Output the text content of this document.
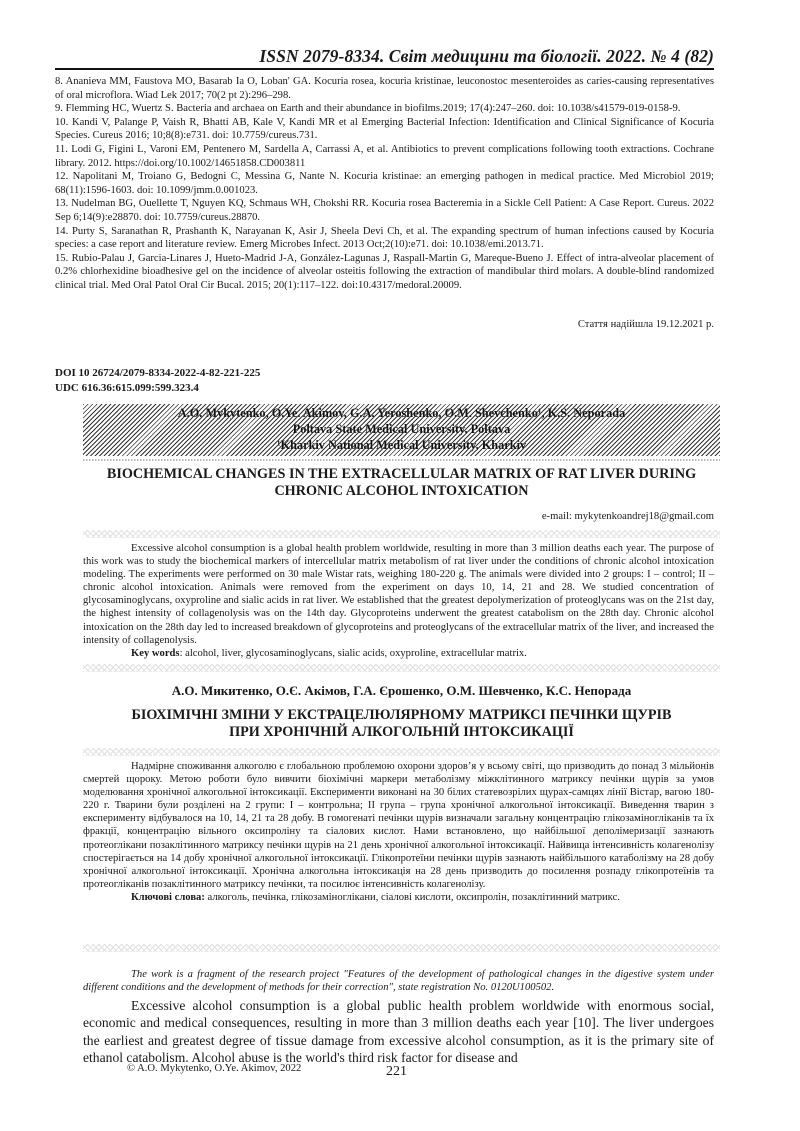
ISSN 2079-8334. Світ медицини та біології. 2022. № 4 (82)

8. Ananieva MM, Faustova MO, Basarab Ia O, Loban' GA. Kocuria rosea, kocuria kristinae, leuconostoc mesenteroides as caries-causing representatives of oral microflora. Wiad Lek 2017; 70(2 pt 2):296–298.

9. Flemming HC, Wuertz S. Bacteria and archaea on Earth and their abundance in biofilms.2019; 17(4):247–260. doi: 10.1038/s41579-019-0158-9.

10. Kandi V, Palange P, Vaish R, Bhatti AB, Kale V, Kandi MR et al Emerging Bacterial Infection: Identification and Clinical Significance of Kocuria Species. Cureus 2016; 10;8(8):e731. doi: 10.7759/cureus.731.

11. Lodi G, Figini L, Varoni EM, Pentenero M, Sardella A, Carrassi A, et al. Antibiotics to prevent complications following tooth extractions. Cochrane library. 2012. https://doi.org/10.1002/14651858.CD003811

12. Napolitani M, Troiano G, Bedogni C, Messina G, Nante N. Kocuria kristinae: an emerging pathogen in medical practice. Med Microbiol 2019; 68(11):1596-1603. doi: 10.1099/jmm.0.001023.

13. Nudelman BG, Ouellette T, Nguyen KQ, Schmaus WH, Chokshi RR. Kocuria rosea Bacteremia in a Sickle Cell Patient: A Case Report. Cureus. 2022 Sep 6;14(9):e28870. doi: 10.7759/cureus.28870.

14. Purty S, Saranathan R, Prashanth K, Narayanan K, Asir J, Sheela Devi Ch, et al. The expanding spectrum of human infections caused by Kocuria species: a case report and literature review. Emerg Microbes Infect. 2013 Oct;2(10):e71. doi: 10.1038/emi.2013.71.

15. Rubio-Palau J, Garcia-Linares J, Hueto-Madrid J-A, González-Lagunas J, Raspall-Martin G, Mareque-Bueno J. Effect of intra-alveolar placement of 0.2% chlorhexidine bioadhesive gel on the incidence of alveolar osteitis following the extraction of mandibular third molars. A double-blind randomized clinical trial. Med Oral Patol Oral Cir Bucal. 2015; 20(1):117–122. doi:10.4317/medoral.20009.

Стаття надійшла 19.12.2021 р.
DOI 10 26724/2079-8334-2022-4-82-221-225
UDC 616.36:615.099:599.323.4
A.O. Mykytenko, O.Ye. Akimov, G.A. Yeroshenko, O.M. Shevchenko¹, K.S. Neporada
Poltava State Medical University, Poltava
¹Kharkiv National Medical University, Kharkiv
BIOCHEMICAL CHANGES IN THE EXTRACELLULAR MATRIX OF RAT LIVER DURING
CHRONIC ALCOHOL INTOXICATION
e-mail: mykytenkoandrej18@gmail.com

Excessive alcohol consumption is a global health problem worldwide, resulting in more than 3 million deaths each year. The purpose of this work was to study the biochemical markers of intercellular matrix metabolism of rat liver under the conditions of chronic alcohol intoxication modeling. The experiments were performed on 30 male Wistar rats, weighing 180-220 g. The animals were divided into 2 groups: I – control; II – chronic alcohol intoxication. Animals were removed from the experiment on days 10, 14, 21 and 28. We studied concentration of glycosaminoglycans, oxyproline and sialic acids in rat liver. We established that the greatest depolymerization of proteoglycans was on the 21st day, the highest intensity of collagenolysis was on the 14th day. Glycoproteins underwent the greatest catabolism on the 28th day. Chronic alcohol intoxication on the 28th day led to increased breakdown of glycoproteins and proteoglycans of the extracellular matrix of the liver, and increased the intensity of collagenolysis.

Key words: alcohol, liver, glycosaminoglycans, sialic acids, oxyproline, extracellular matrix.
А.О. Микитенко, О.Є. Акімов, Г.А. Єрошенко, О.М. Шевченко, К.С. Непорада
БІОХІМІЧНІ ЗМІНИ У ЕКСТРАЦЕЛЮЛЯРНОМУ МАТРИКСІ ПЕЧІНКИ ЩУРІВ
ПРИ ХРОНІЧНІЙ АЛКОГОЛЬНІЙ ІНТОКСИКАЦІЇ

Надмірне споживання алкоголю є глобальною проблемою охорони здоров’я у всьому світі, що призводить до понад 3 мільйонів смертей щороку. Метою роботи було вивчити біохімічні маркери метаболізму міжклітинного матриксу печінки щурів за умов моделювання хронічної алкогольної інтоксикації. Експерименти виконані на 30 білих статевозрілих щурах-самцях лінії Вістар, вагою 180-220 г. Тварини були розділені на 2 групи: І – контрольна; ІІ група – група хронічної алкогольної інтоксикації. Виведення тварин з експерименту відбувалося на 10, 14, 21 та 28 добу. В гомогенаті печінки щурів визначали загальну концентрацію глікозаміногліканів та їх фракції, концентрацію вільного оксипроліну та сіалових кислот. Нами встановлено, що найбільшої деполімеризації зазнають протеоглікани позаклітинного матриксу печінки щурів на 21 день хронічної алкогольної інтоксикації. Найвища інтенсивність колагенолізу спостерігається на 14 добу хронічної алкогольної інтоксикації. Глікопротеїни печінки щурів зазнають найбільшого катаболізму на 28 добу хронічної алкогольної інтоксикації. Хронічна алкогольна інтоксикація на 28 день призводить до посилення розпаду глікопротеїнів та протеогліканів позаклітинного матриксу печінки, та посилює інтенсивність колагенолізу.

Ключові слова: алкоголь, печінка, глікозаміноглікани, сіалові кислоти, оксипролін, позаклітинний матрикс.

The work is a fragment of the research project "Features of the development of pathological changes in the digestive system under different conditions and the development of methods for their correction", state registration No. 0120U100502.

Excessive alcohol consumption is a global public health problem worldwide with enormous social, economic and medical consequences, resulting in more than 3 million deaths each year [10]. The liver undergoes the earliest and greatest degree of tissue damage from excessive alcohol consumption, as it is the primary site of ethanol catabolism. Alcohol abuse is the world's third risk factor for disease and

© A.O. Mykytenko, O.Ye. Akimov, 2022	221
